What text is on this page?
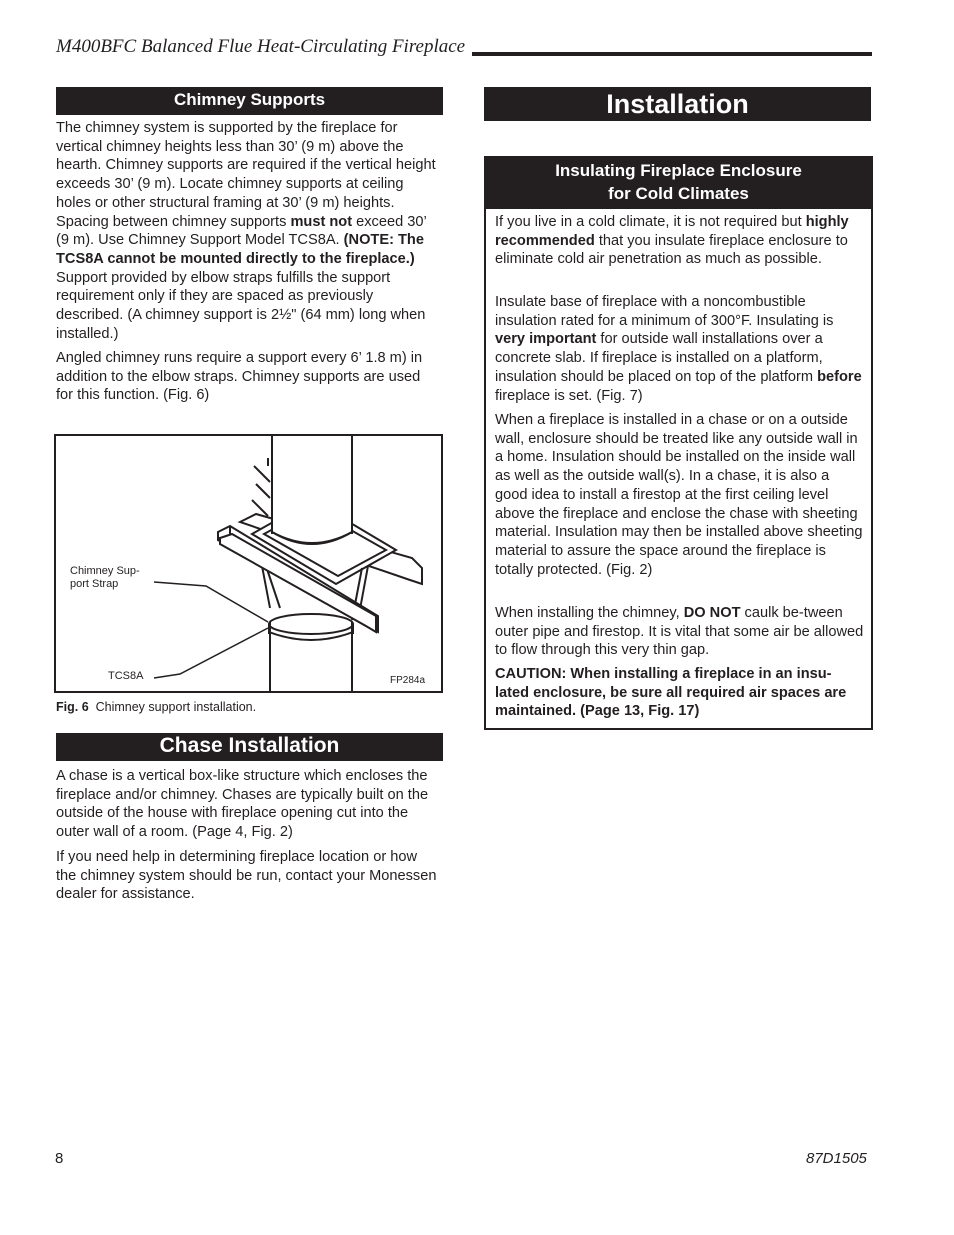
M400BFC Balanced Flue Heat-Circulating Fireplace
Chimney Supports
The chimney system is supported by the fireplace for vertical chimney heights less than 30’ (9 m) above the hearth. Chimney supports are required if the vertical height exceeds 30’ (9 m). Locate chimney supports at ceiling holes or other structural framing at 30’ (9 m) heights. Spacing between chimney supports must not exceed 30’ (9 m). Use Chimney Support Model TCS8A. (NOTE: The TCS8A cannot be mounted directly to the fireplace.) Support provided by elbow straps fulfills the support requirement only if they are spaced as previously described. (A chimney support is 2½" (64 mm) long when installed.)
Angled chimney runs require a support every 6’ 1.8 m) in addition to the elbow straps. Chimney supports are used for this function. (Fig. 6)
Chimney Sup-
port Strap
TCS8A	FP284a
Fig. 6 Chimney support installation.
Chase Installation
A chase is a vertical box-like structure which encloses the fireplace and/or chimney. Chases are typically built on the outside of the house with fireplace opening cut into the outer wall of a room. (Page 4, Fig. 2)
If you need help in determining fireplace location or how the chimney system should be run, contact your Monessen dealer for assistance.
Installation
Insulating Fireplace Enclosure
for Cold Climates
If you live in a cold climate, it is not required but highly recommended that you insulate fireplace enclosure to eliminate cold air penetration as much as possible.
Insulate base of fireplace with a noncombustible insulation rated for a minimum of 300°F. Insulating is very important for outside wall installations over a concrete slab. If fireplace is installed on a platform, insulation should be placed on top of the platform before fireplace is set. (Fig. 7)
When a fireplace is installed in a chase or on a outside wall, enclosure should be treated like any outside wall in a home. Insulation should be installed on the inside wall as well as the outside wall(s). In a chase, it is also a good idea to install a firestop at the first ceiling level above the fireplace and enclose the chase with sheeting material. Insulation may then be installed above sheeting material to assure the space around the fireplace is totally protected. (Fig. 2)
When installing the chimney, DO NOT caulk be-tween outer pipe and firestop. It is vital that some air be allowed to flow through this very thin gap.
CAUTION: When installing a fireplace in an insu-lated enclosure, be sure all required air spaces are maintained. (Page 13, Fig. 17)
8	87D1505
